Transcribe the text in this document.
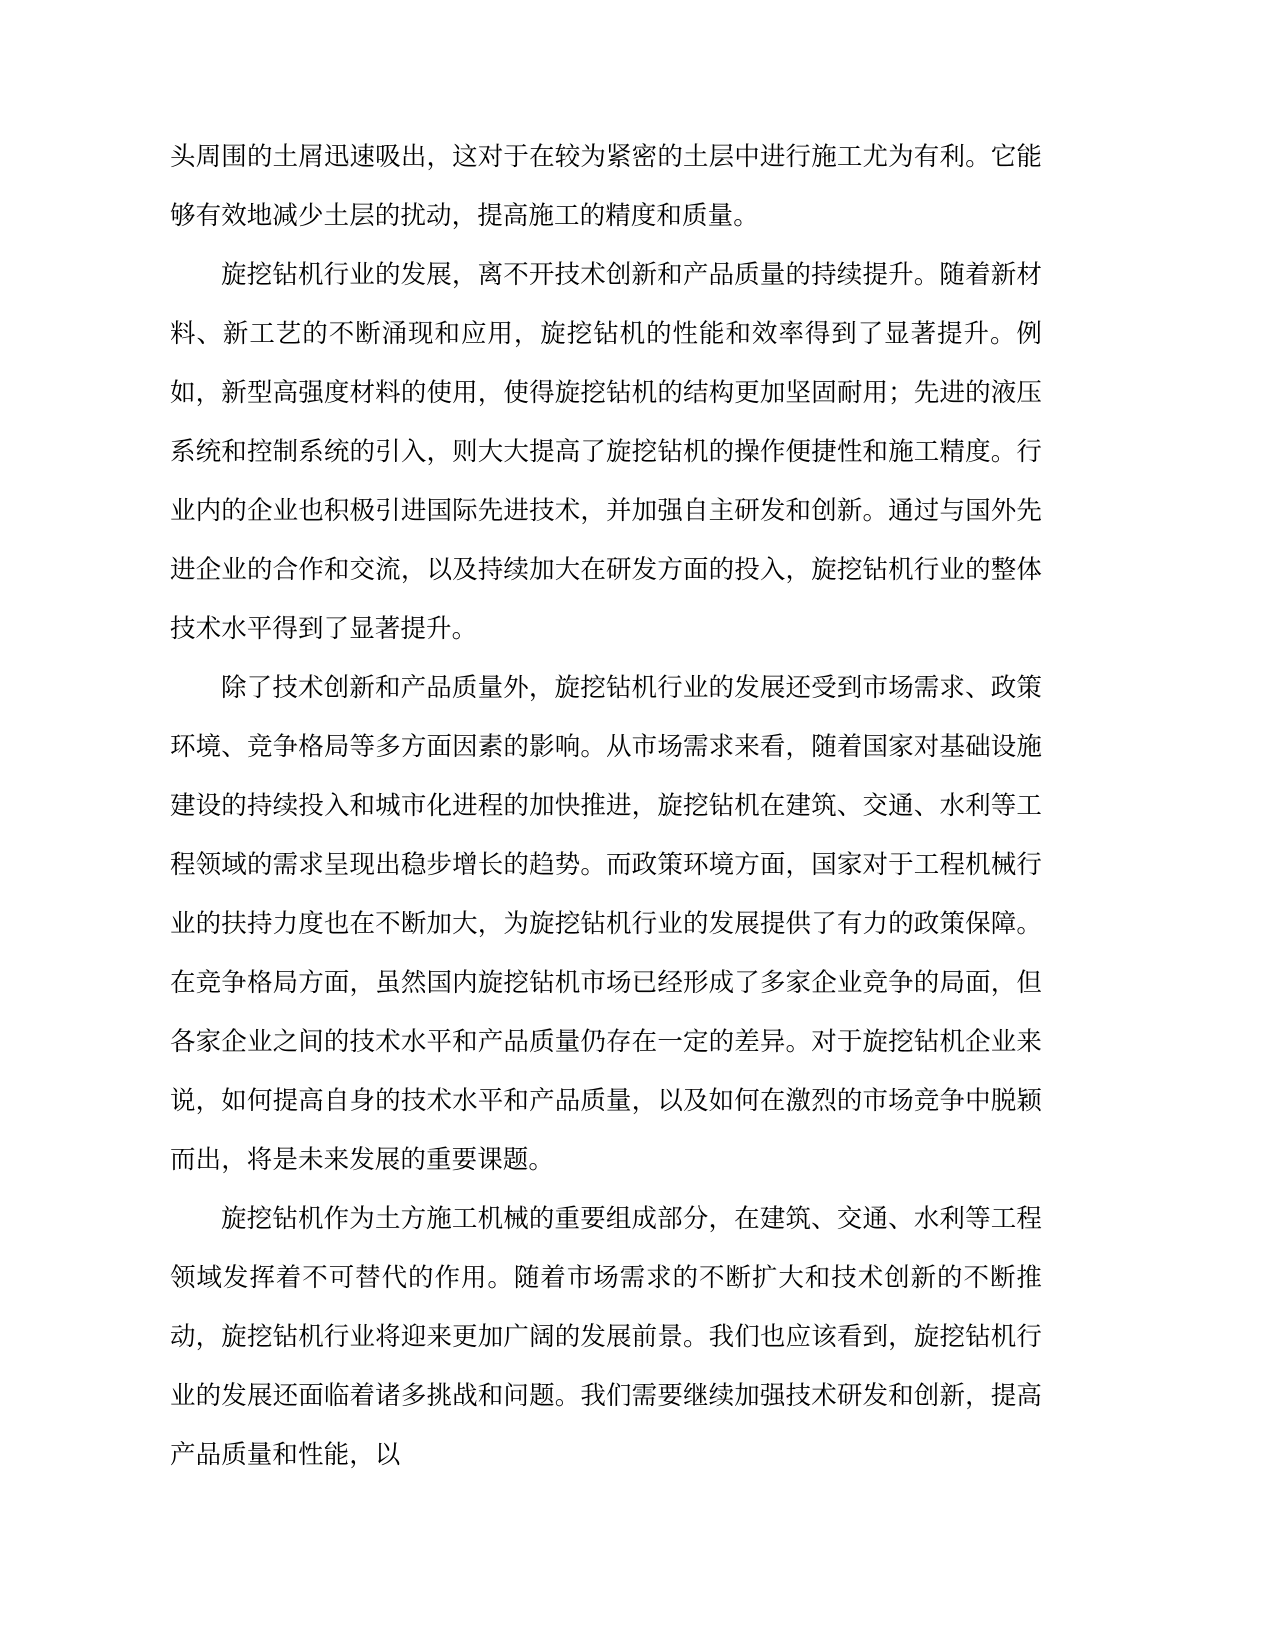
头周围的土屑迅速吸出，这对于在较为紧密的土层中进行施工尤为有利。它能够有效地减少土层的扰动，提高施工的精度和质量。

旋挖钻机行业的发展，离不开技术创新和产品质量的持续提升。随着新材料、新工艺的不断涌现和应用，旋挖钻机的性能和效率得到了显著提升。例如，新型高强度材料的使用，使得旋挖钻机的结构更加坚固耐用；先进的液压系统和控制系统的引入，则大大提高了旋挖钻机的操作便捷性和施工精度。行业内的企业也积极引进国际先进技术，并加强自主研发和创新。通过与国外先进企业的合作和交流，以及持续加大在研发方面的投入，旋挖钻机行业的整体技术水平得到了显著提升。

除了技术创新和产品质量外，旋挖钻机行业的发展还受到市场需求、政策环境、竞争格局等多方面因素的影响。从市场需求来看，随着国家对基础设施建设的持续投入和城市化进程的加快推进，旋挖钻机在建筑、交通、水利等工程领域的需求呈现出稳步增长的趋势。而政策环境方面，国家对于工程机械行业的扶持力度也在不断加大，为旋挖钻机行业的发展提供了有力的政策保障。在竞争格局方面，虽然国内旋挖钻机市场已经形成了多家企业竞争的局面，但各家企业之间的技术水平和产品质量仍存在一定的差异。对于旋挖钻机企业来说，如何提高自身的技术水平和产品质量，以及如何在激烈的市场竞争中脱颖而出，将是未来发展的重要课题。

旋挖钻机作为土方施工机械的重要组成部分，在建筑、交通、水利等工程领域发挥着不可替代的作用。随着市场需求的不断扩大和技术创新的不断推动，旋挖钻机行业将迎来更加广阔的发展前景。我们也应该看到，旋挖钻机行业的发展还面临着诸多挑战和问题。我们需要继续加强技术研发和创新，提高产品质量和性能，以
